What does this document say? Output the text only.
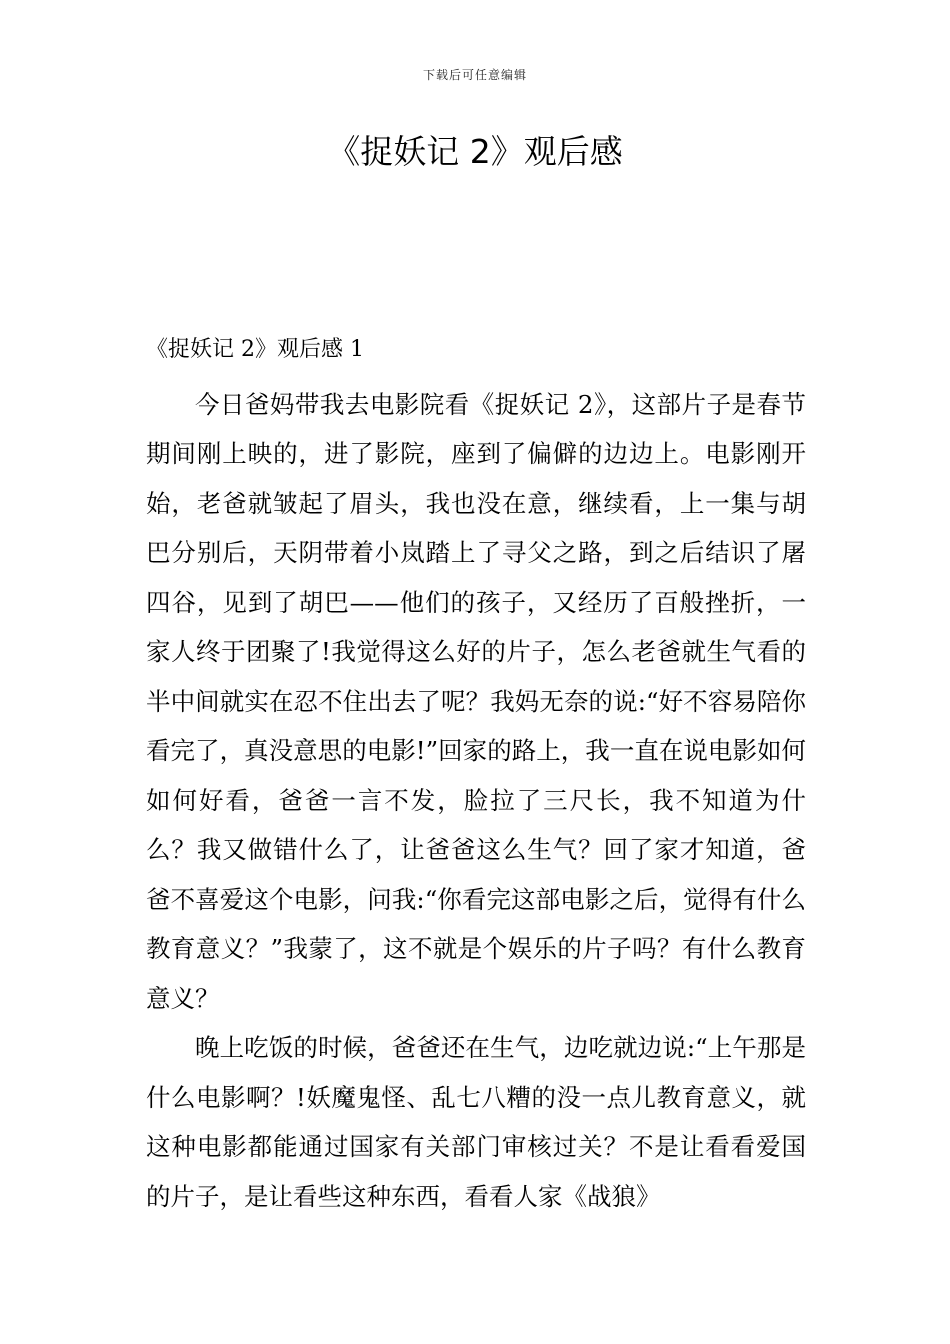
下载后可任意编辑
《捉妖记 2》观后感
《捉妖记 2》观后感 1

今日爸妈带我去电影院看《捉妖记 2》，这部片子是春节期间刚上映的，进了影院，座到了偏僻的边边上。电影刚开始，老爸就皱起了眉头，我也没在意，继续看，上一集与胡巴分别后，天阴带着小岚踏上了寻父之路，到之后结识了屠四谷，见到了胡巴——他们的孩子，又经历了百般挫折，一家人终于团聚了!我觉得这么好的片子，怎么老爸就生气看的半中间就实在忍不住出去了呢？我妈无奈的说:“好不容易陪你看完了，真没意思的电影!”回家的路上，我一直在说电影如何如何好看，爸爸一言不发，脸拉了三尺长，我不知道为什么？我又做错什么了，让爸爸这么生气？回了家才知道，爸爸不喜爱这个电影，问我:“你看完这部电影之后，觉得有什么教育意义？”我蒙了，这不就是个娱乐的片子吗？有什么教育意义？

晚上吃饭的时候，爸爸还在生气，边吃就边说:“上午那是什么电影啊？!妖魔鬼怪、乱七八糟的没一点儿教育意义，就这种电影都能通过国家有关部门审核过关？不是让看看爱国的片子，是让看些这种东西，看看人家《战狼》
